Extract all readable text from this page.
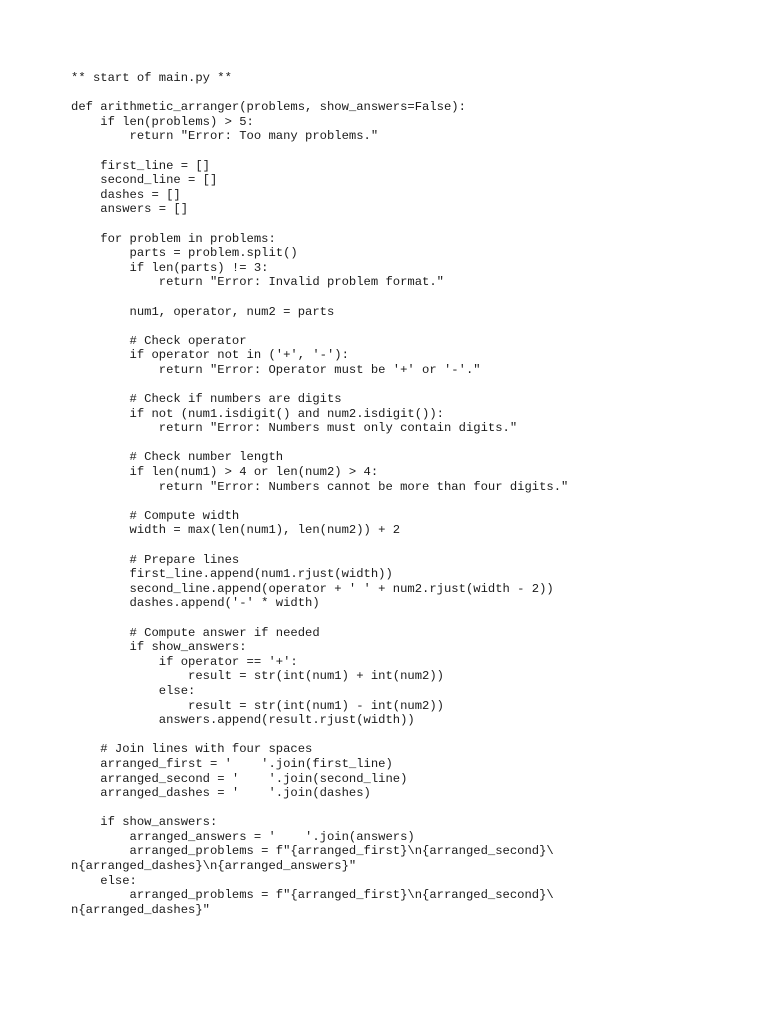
** start of main.py **
def arithmetic_arranger(problems, show_answers=False):
if len(problems) > 5:
return "Error: Too many problems."
first_line = []
second_line = []
dashes = []
answers = []
for problem in problems:
parts = problem.split()
if len(parts) != 3:
return "Error: Invalid problem format."
num1, operator, num2 = parts
# Check operator
if operator not in ('+', '-'):
return "Error: Operator must be '+' or '-'."
# Check if numbers are digits
if not (num1.isdigit() and num2.isdigit()):
return "Error: Numbers must only contain digits."
# Check number length
if len(num1) > 4 or len(num2) > 4:
return "Error: Numbers cannot be more than four digits."
# Compute width
width = max(len(num1), len(num2)) + 2
# Prepare lines
first_line.append(num1.rjust(width))
second_line.append(operator + ' ' + num2.rjust(width - 2))
dashes.append('-' * width)
# Compute answer if needed
if show_answers:
if operator == '+':
result = str(int(num1) + int(num2))
else:
result = str(int(num1) - int(num2))
answers.append(result.rjust(width))
# Join lines with four spaces
arranged_first = '    '.join(first_line)
arranged_second = '    '.join(second_line)
arranged_dashes = '    '.join(dashes)
if show_answers:
arranged_answers = '    '.join(answers)
arranged_problems = f"{arranged_first}\n{arranged_second}\
n{arranged_dashes}\n{arranged_answers}"
else:
arranged_problems = f"{arranged_first}\n{arranged_second}\
n{arranged_dashes}"
